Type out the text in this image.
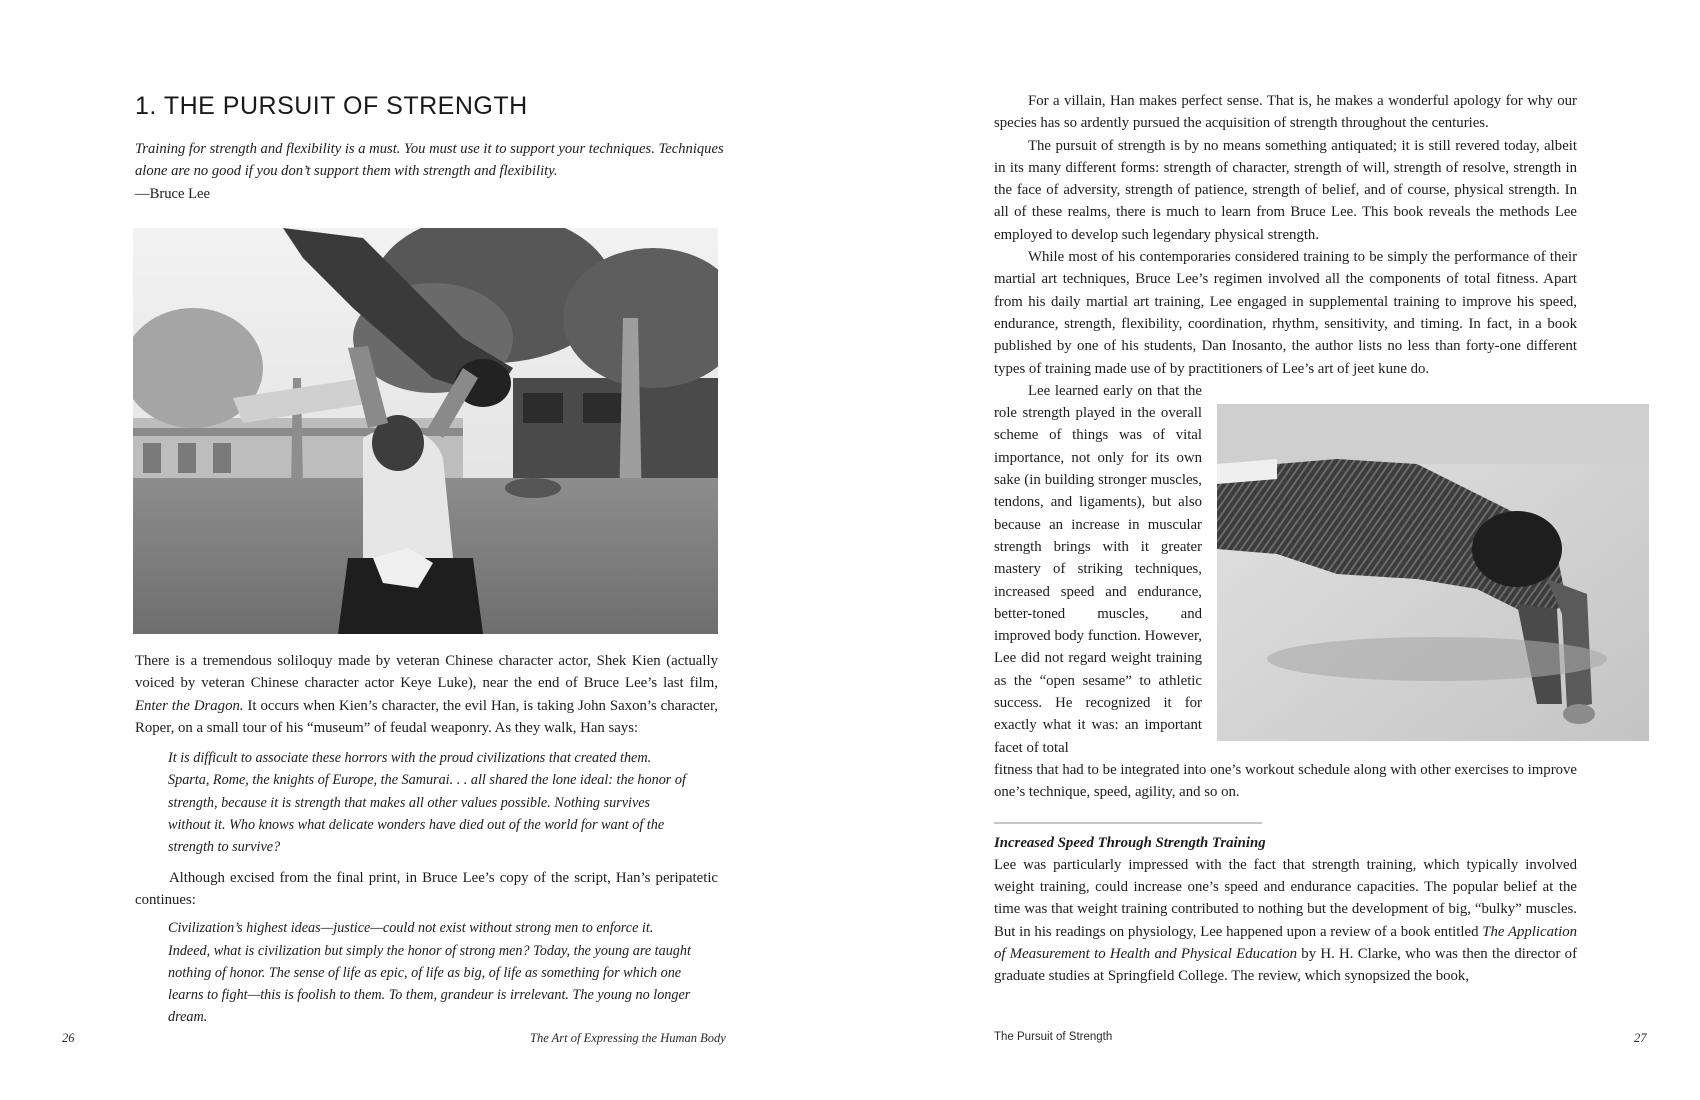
1. THE PURSUIT OF STRENGTH
Training for strength and flexibility is a must. You must use it to support your techniques. Techniques alone are no good if you don’t support them with strength and flexibility.
—Bruce Lee

There is a tremendous soliloquy made by veteran Chinese character actor, Shek Kien (actually voiced by veteran Chinese character actor Keye Luke), near the end of Bruce Lee’s last film, Enter the Dragon. It occurs when Kien’s character, the evil Han, is taking John Saxon’s character, Roper, on a small tour of his “museum” of feudal weaponry. As they walk, Han says:

It is difficult to associate these horrors with the proud civilizations that created them. Sparta, Rome, the knights of Europe, the Samurai. . . all shared the lone ideal: the honor of strength, because it is strength that makes all other values possible. Nothing survives without it. Who knows what delicate wonders have died out of the world for want of the strength to survive?

Although excised from the final print, in Bruce Lee’s copy of the script, Han’s peripatetic continues:

Civilization’s highest ideas—justice—could not exist without strong men to enforce it. Indeed, what is civilization but simply the honor of strong men? Today, the young are taught nothing of honor. The sense of life as epic, of life as big, of life as something for which one learns to fight—this is foolish to them. To them, grandeur is irrelevant. The young no longer dream.
26	The Art of Expressing the Human Body

For a villain, Han makes perfect sense. That is, he makes a wonderful apology for why our species has so ardently pursued the acquisition of strength throughout the centuries.

The pursuit of strength is by no means something antiquated; it is still revered today, albeit in its many different forms: strength of character, strength of will, strength of resolve, strength in the face of adversity, strength of patience, strength of belief, and of course, physical strength. In all of these realms, there is much to learn from Bruce Lee. This book reveals the methods Lee employed to develop such legendary physical strength.

While most of his contemporaries considered training to be simply the performance of their martial art techniques, Bruce Lee’s regimen involved all the components of total fitness. Apart from his daily martial art training, Lee engaged in supplemental training to improve his speed, endurance, strength, flexibility, coordination, rhythm, sensitivity, and timing. In fact, in a book published by one of his students, Dan Inosanto, the author lists no less than forty-one different types of training made use of by practitioners of Lee’s art of jeet kune do.

Lee learned early on that the role strength played in the overall scheme of things was of vital importance, not only for its own sake (in building stronger muscles, tendons, and ligaments), but also because an increase in muscular strength brings with it greater mastery of striking techniques, increased speed and endurance, better-toned muscles, and improved body function. However, Lee did not regard weight training as the “open sesame” to athletic success. He recognized it for exactly what it was: an important facet of total

fitness that had to be integrated into one’s workout schedule along with other exercises to improve one’s technique, speed, agility, and so on.

Increased Speed Through Strength Training

Lee was particularly impressed with the fact that strength training, which typically involved weight training, could increase one’s speed and endurance capacities. The popular belief at the time was that weight training contributed to nothing but the development of big, “bulky” muscles. But in his readings on physiology, Lee happened upon a review of a book entitled The Application of Measurement to Health and Physical Education by H. H. Clarke, who was then the director of graduate studies at Springfield College. The review, which synopsized the book,

The Pursuit of Strength	27
